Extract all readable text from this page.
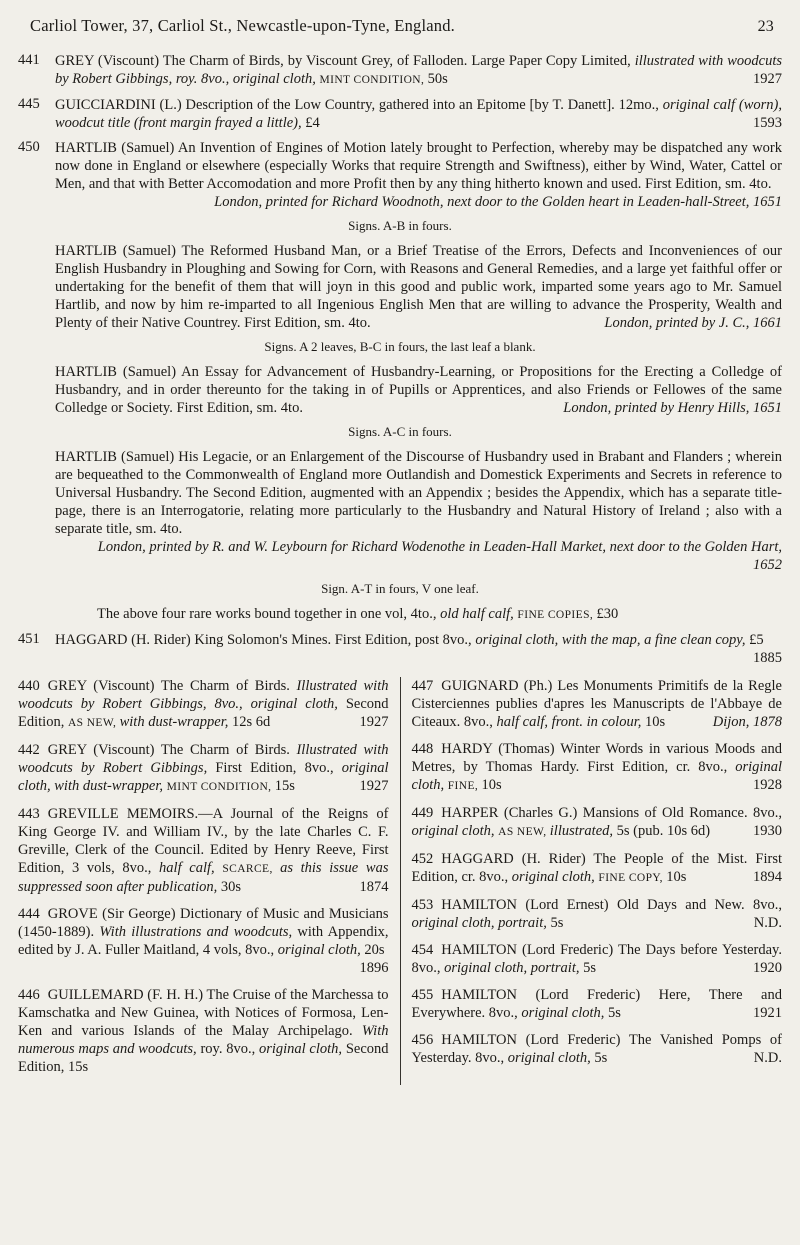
Carliol Tower, 37, Carliol St., Newcastle-upon-Tyne, England.	23
441 GREY (Viscount) The Charm of Birds, by Viscount Grey, of Falloden. Large Paper Copy Limited, illustrated with woodcuts by Robert Gibbings, roy. 8vo., original cloth, MINT CONDITION, 50s	1927

445 GUICCIARDINI (L.) Description of the Low Country, gathered into an Epitome [by T. Danett]. 12mo., original calf (worn), woodcut title (front margin frayed a little), £4	1593

450 HARTLIB (Samuel) An Invention of Engines of Motion lately brought to Perfection, whereby may be dispatched any work now done in England or elsewhere (especially Works that require Strength and Swiftness), either by Wind, Water, Cattel or Men, and that with Better Accomodation and more Profit then by any thing hitherto known and used. First Edition, sm. 4to.
London, printed for Richard Woodnoth, next door to the Golden heart in Leaden-hall-Street, 1651

Signs. A-B in fours.

HARTLIB (Samuel) The Reformed Husband Man, or a Brief Treatise of the Errors, Defects and Inconveniences of our English Husbandry in Ploughing and Sowing for Corn, with Reasons and General Remedies, and a large yet faithful offer or undertaking for the benefit of them that will joyn in this good and public work, imparted some years ago to Mr. Samuel Hartlib, and now by him re-imparted to all Ingenious English Men that are willing to advance the Prosperity, Wealth and Plenty of their Native Countrey. First Edition, sm. 4to.	London, printed by J. C., 1661

Signs. A 2 leaves, B-C in fours, the last leaf a blank.

HARTLIB (Samuel) An Essay for Advancement of Husbandry-Learning, or Propositions for the Erecting a Colledge of Husbandry, and in order thereunto for the taking in of Pupills or Apprentices, and also Friends or Fellowes of the same Colledge or Society. First Edition, sm. 4to.	London, printed by Henry Hills, 1651

Signs. A-C in fours.

HARTLIB (Samuel) His Legacie, or an Enlargement of the Discourse of Husbandry used in Brabant and Flanders ; wherein are bequeathed to the Commonwealth of England more Outlandish and Domestick Experiments and Secrets in reference to Universal Husbandry. The Second Edition, augmented with an Appendix ; besides the Appendix, which has a separate title-page, there is an Interrogatorie, relating more particularly to the Husbandry and Natural History of Ireland ; also with a separate title, sm. 4to.
London, printed by R. and W. Leybourn for Richard Wodenothe in Leaden-Hall Market, next door to the Golden Hart, 1652

Sign. A-T in fours, V one leaf.

The above four rare works bound together in one vol, 4to., old half calf, FINE COPIES, £30

451 HAGGARD (H. Rider) King Solomon's Mines. First Edition, post 8vo., original cloth, with the map, a fine clean copy, £5
1885

440 GREY (Viscount) The Charm of Birds. Illustrated with woodcuts by Robert Gibbings, 8vo., original cloth, Second Edition, AS NEW, with dust-wrapper, 12s 6d	1927

442 GREY (Viscount) The Charm of Birds. Illustrated with woodcuts by Robert Gibbings, First Edition, 8vo., original cloth, with dust-wrapper, MINT CONDITION, 15s	1927

443 GREVILLE MEMOIRS.—A Journal of the Reigns of King George IV. and William IV., by the late Charles C. F. Greville, Clerk of the Council. Edited by Henry Reeve, First Edition, 3 vols, 8vo., half calf, SCARCE, as this issue was suppressed soon after publication, 30s	1874

444 GROVE (Sir George) Dictionary of Music and Musicians (1450-1889). With illustrations and woodcuts, with Appendix, edited by J. A. Fuller Maitland, 4 vols, 8vo., original cloth, 20s
1896

446 GUILLEMARD (F. H. H.) The Cruise of the Marchessa to Kamschatka and New Guinea, with Notices of Formosa, Len-Ken and various Islands of the Malay Archipelago. With numerous maps and woodcuts, roy. 8vo., original cloth, Second Edition, 15s

447 GUIGNARD (Ph.) Les Monuments Primitifs de la Regle Cisterciennes publies d'apres les Manuscripts de l'Abbaye de Citeaux. 8vo., half calf, front. in colour, 10s	Dijon, 1878

448 HARDY (Thomas) Winter Words in various Moods and Metres, by Thomas Hardy. First Edition, cr. 8vo., original cloth, FINE, 10s	1928

449 HARPER (Charles G.) Mansions of Old Romance. 8vo., original cloth, AS NEW, illustrated, 5s (pub. 10s 6d)	1930

452 HAGGARD (H. Rider) The People of the Mist. First Edition, cr. 8vo., original cloth, FINE COPY, 10s	1894

453 HAMILTON (Lord Ernest) Old Days and New. 8vo., original cloth, portrait, 5s	N.D.

454 HAMILTON (Lord Frederic) The Days before Yesterday. 8vo., original cloth, portrait, 5s	1920

455 HAMILTON (Lord Frederic) Here, There and Everywhere. 8vo., original cloth, 5s	1921

456 HAMILTON (Lord Frederic) The Vanished Pomps of Yesterday. 8vo., original cloth, 5s	N.D.
